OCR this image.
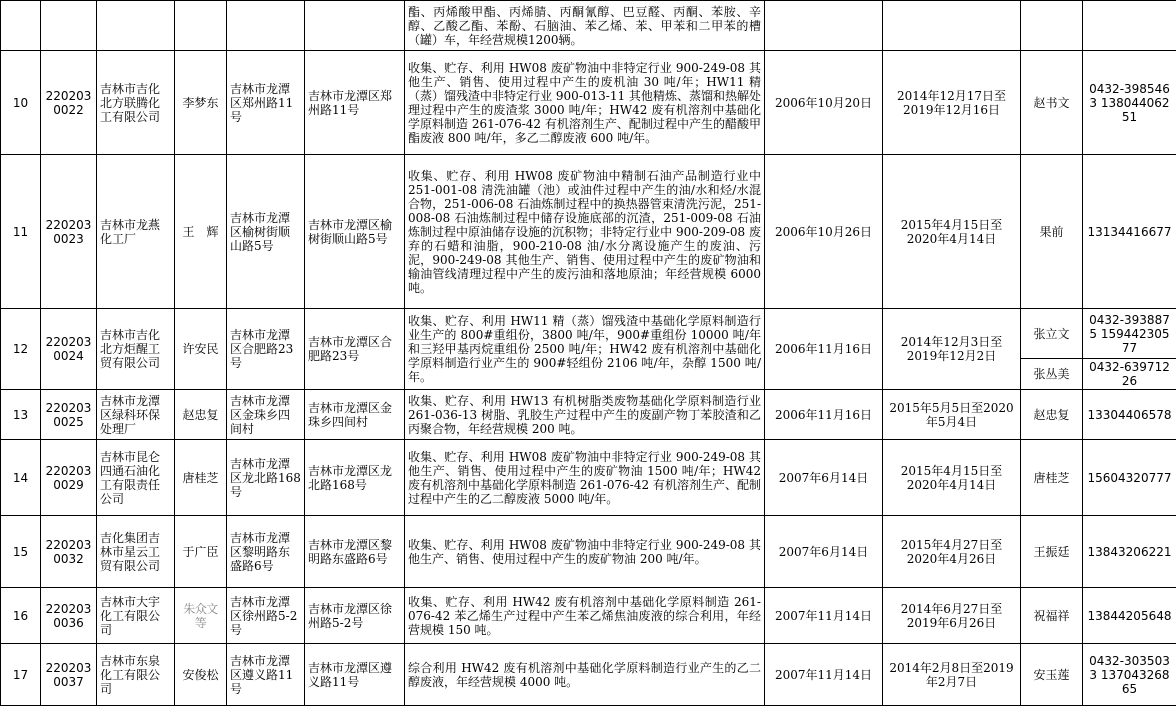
						酯、丙烯酸甲酯、丙烯腈、丙酮氰醇、巴豆醛、丙酮、苯胺、辛醇、乙酸乙酯、苯酚、石脑油、苯乙烯、苯、甲苯和二甲苯的槽（罐）车，年经营规模1200辆。				
10	2202030022	吉林市吉化北方联腾化工有限公司	李梦东	吉林市龙潭区郑州路11号	吉林市龙潭区郑州路11号	收集、贮存、利用 HW08 废矿物油中非特定行业 900-249-08 其他生产、销售、使用过程中产生的废机油 30 吨/年；HW11 精（蒸）馏残渣中非特定行业 900-013-11 其他精炼、蒸馏和热解处理过程中产生的废渣浆 3000 吨/年；HW42 废有机溶剂中基础化学原料制造 261-076-42 有机溶剂生产、配制过程中产生的醋酸甲酯废液 800 吨/年，多乙二醇废液 600 吨/年。	2006年10月20日	2014年12月17日至2019年12月16日	赵书文	0432-3985463 13804406251
11	2202030023	吉林市龙燕化工厂	王　辉	吉林市龙潭区榆树街顺山路5号	吉林市龙潭区榆树街顺山路5号	收集、贮存、利用 HW08 废矿物油中精制石油产品制造行业中 251-001-08 清洗油罐（池）或油件过程中产生的油/水和烃/水混合物，251-006-08 石油炼制过程中的换热器管束清洗污泥，251-008-08 石油炼制过程中储存设施底部的沉渣，251-009-08 石油炼制过程中原油储存设施的沉积物；非特定行业中 900-209-08 废弃的石蜡和油脂，900-210-08 油/水分离设施产生的废油、污泥，900-249-08 其他生产、销售、使用过程中产生的废矿物油和输油管线清理过程中产生的废污油和落地原油；年经营规模 6000 吨。	2006年10月26日	2015年4月15日至2020年4月14日	果前	13134416677
12	2202030024	吉林市吉化北方炬醒工贸有限公司	许安民	吉林市龙潭区合肥路23号	吉林市龙潭区合肥路23号	收集、贮存、利用 HW11 精（蒸）馏残渣中基础化学原料制造行业生产的 800#重组份，3800 吨/年，900#重组份 10000 吨/年和三羟甲基丙烷重组份 2500 吨/年；HW42 废有机溶剂中基础化学原料制造行业产生的 900#轻组份 2106 吨/年，杂醇 1500 吨/年。	2006年11月16日	2014年12月3日至2019年12月2日	张立文	0432-3938875 15944230577
									张丛美	0432-63971226
13	2202030025	吉林市龙潭区绿科环保处理厂	赵忠复	吉林市龙潭区金珠乡四间村	吉林市龙潭区金珠乡四间村	收集、贮存、利用 HW13 有机树脂类废物基础化学原料制造行业 261-036-13 树脂、乳胶生产过程中产生的废副产物丁苯胶渣和乙丙聚合物，年经营规模 200 吨。	2006年11月16日	2015年5月5日至2020年5月4日	赵忠复	13304406578
14	2202030029	吉林市昆仑四通石油化工有限责任公司	唐桂芝	吉林市龙潭区龙北路168号	吉林市龙潭区龙北路168号	收集、贮存、利用 HW08 废矿物油中非特定行业 900-249-08 其他生产、销售、使用过程中产生的废矿物油 1500 吨/年；HW42 废有机溶剂中基础化学原料制造 261-076-42 有机溶剂生产、配制过程中产生的乙二醇废液 5000 吨/年。	2007年6月14日	2015年4月15日至2020年4月14日	唐桂芝	15604320777
15	2202030032	吉化集团吉林市星云工贸有限公司	于广臣	吉林市龙潭区黎明路东盛路6号	吉林市龙潭区黎明路东盛路6号	收集、贮存、利用 HW08 废矿物油中非特定行业 900-249-08 其他生产、销售、使用过程中产生的废矿物油 200 吨/年。	2007年6月14日	2015年4月27日至2020年4月26日	王振廷	13843206221
16	2202030036	吉林市大宇化工有限公司	朱众文等	吉林市龙潭区徐州路5-2号	吉林市龙潭区徐州路5-2号	收集、贮存、利用 HW42 废有机溶剂中基础化学原料制造 261-076-42 苯乙烯生产过程中产生苯乙烯焦油废液的综合利用，年经营规模 150 吨。	2007年11月14日	2014年6月27日至2019年6月26日	祝福祥	13844205648
17	2202030037	吉林市东泉化工有限公司	安俊松	吉林市龙潭区遵义路11号	吉林市龙潭区遵义路11号	综合利用 HW42 废有机溶剂中基础化学原料制造行业产生的乙二醇废液，年经营规模 4000 吨。	2007年11月14日	2014年2月8日至2019年2月7日	安玉莲	0432-3035033 13704326865
